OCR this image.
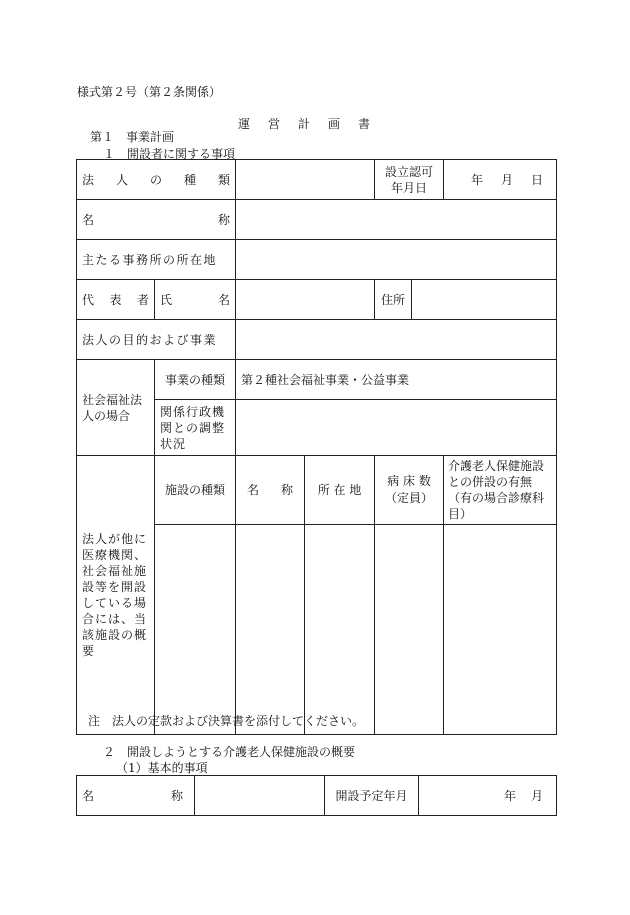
様式第２号（第２条関係）
運 営 計 画 書
第１　事業計画
１　開設者に関する事項
法 人 の 種 類				設立認可年月日		年 月 日

名 称						

主たる事務所の所在地						

代 表 者	氏 名			住所		
法人の目的および事業						
社会福祉法人の場合	事業の種類	第２種社会福祉事業・公益事業				
	関係行政機関との調整状況					
法人が他に医療機関、社会福祉施設等を開設している場合には、当該施設の概要	施設の種類	名 称	所 在 地	病 床 数（定員）		介護老人保健施設との併設の有無（有の場合診療科目）

注　法人の定款および決算書を添付してください。
２　開設しようとする介護老人保健施設の概要
（1）基本的事項
名	称		開設予定年月	年 月
